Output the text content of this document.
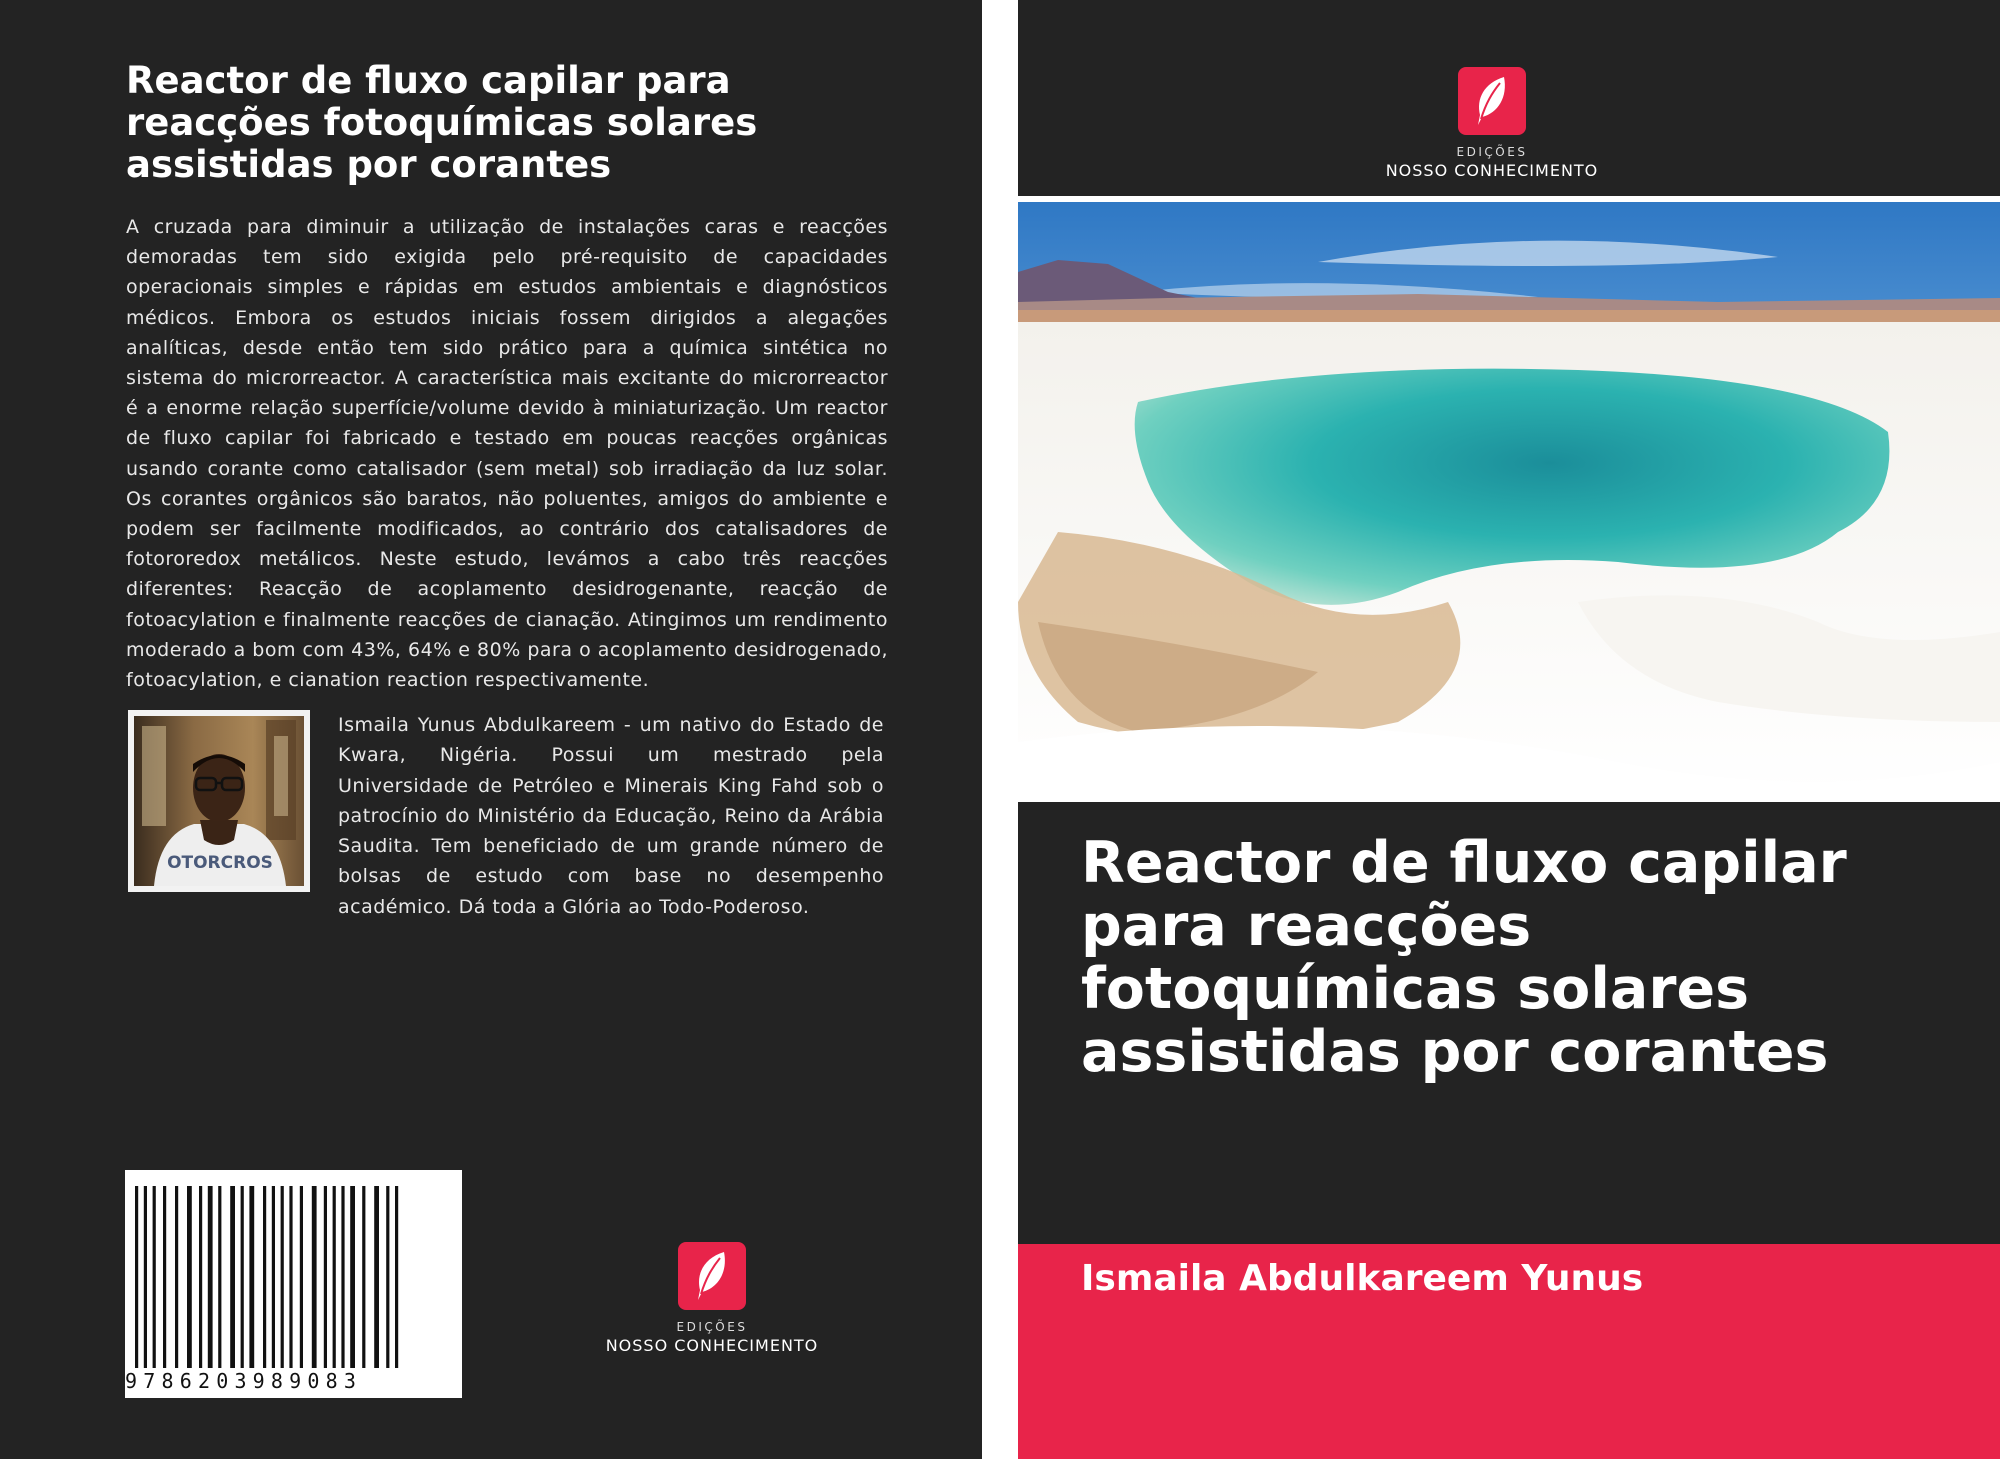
Reactor de fluxo capilar para reacções fotoquímicas solares assistidas por corantes

A cruzada para diminuir a utilização de instalações caras e reacções demoradas tem sido exigida pelo pré-requisito de capacidades operacionais simples e rápidas em estudos ambientais e diagnósticos médicos. Embora os estudos iniciais fossem dirigidos a alegações analíticas, desde então tem sido prático para a química sintética no sistema do microrreactor. A característica mais excitante do microrreactor é a enorme relação superfície/volume devido à miniaturização. Um reactor de fluxo capilar foi fabricado e testado em poucas reacções orgânicas usando corante como catalisador (sem metal) sob irradiação da luz solar. Os corantes orgânicos são baratos, não poluentes, amigos do ambiente e podem ser facilmente modificados, ao contrário dos catalisadores de fotororedox metálicos. Neste estudo, levámos a cabo três reacções diferentes: Reacção de acoplamento desidrogenante, reacção de fotoacylation e finalmente reacções de cianação. Atingimos um rendimento moderado a bom com 43%, 64% e 80% para o acoplamento desidrogenado, fotoacylation, e cianation reaction respectivamente.

OTORCROS

Ismaila Yunus Abdulkareem - um nativo do Estado de Kwara, Nigéria. Possui um mestrado pela Universidade de Petróleo e Minerais King Fahd sob o patrocínio do Ministério da Educação, Reino da Arábia Saudita. Tem beneficiado de um grande número de bolsas de estudo com base no desempenho académico. Dá toda a Glória ao Todo-Poderoso.

9786203989083
EDIÇÕES
NOSSO CONHECIMENTO
EDIÇÕES
NOSSO CONHECIMENTO
Reactor de fluxo capilar para reacções fotoquímicas solares assistidas por corantes

Ismaila Abdulkareem Yunus
